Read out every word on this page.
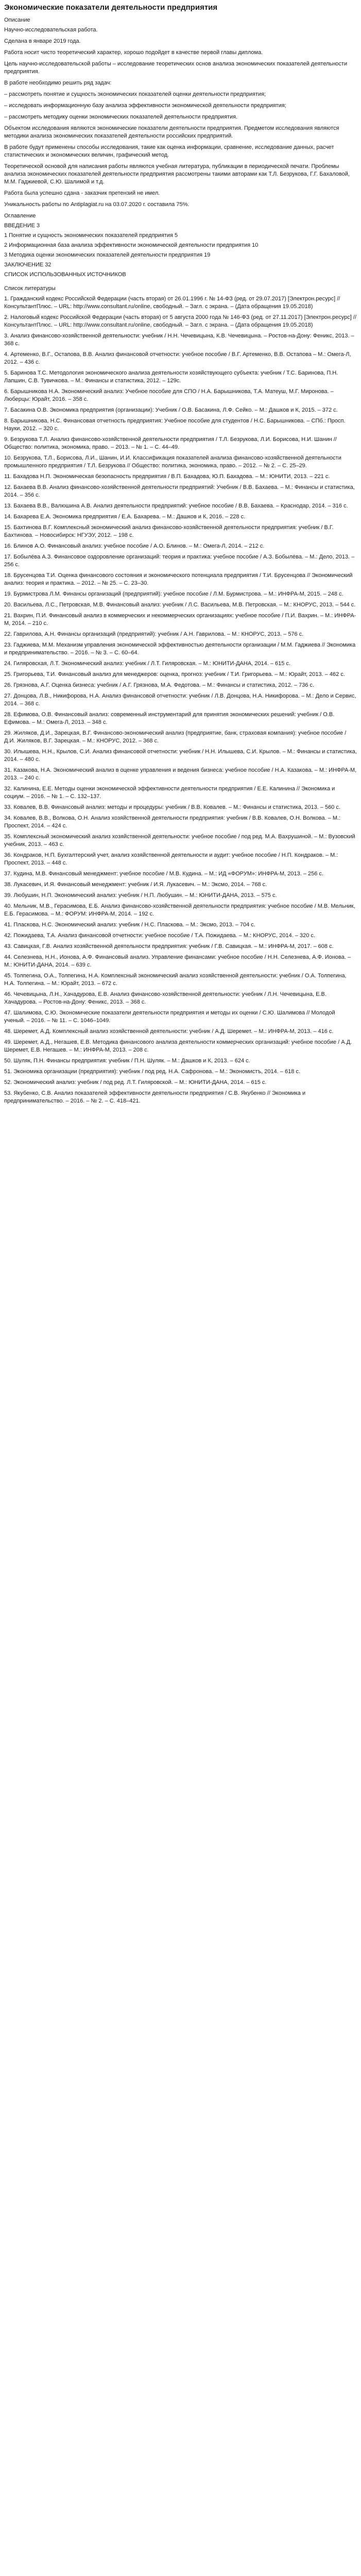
Экономические показатели деятельности предприятия

Описание

Научно-исследовательская работа.

Сделана в январе 2019 года.

Работа носит чисто теоретический характер, хорошо подойдет в качестве первой главы диплома.

Цель научно-исследовательской работы – исследование теоретических основ анализа экономических показателей деятельности предприятия.

В работе необходимо решить ряд задач:

– рассмотреть понятие и сущность экономических показателей оценки деятельности предприятия;

– исследовать информационную базу анализа эффективности экономической деятельности предприятия;

– рассмотреть методику оценки экономических показателей деятельности предприятия.

Объектом исследования являются экономические показатели деятельности предприятия. Предметом исследования являются методики анализа экономических показателей деятельности российских предприятий.

В работе будут применены способы исследования, такие как оценка информации, сравнение, исследование данных, расчет статистических и экономических величин, графический метод.

Теоретической основой для написания работы являются учебная литература, публикации в периодической печати. Проблемы анализа экономических показателей деятельности предприятия рассмотрены такими авторами как Т.Л. Безрукова, Г.Г. Бахаловой, М.М. Гаджиевой, С.Ю. Шалимой и т.д.

Работа была успешно сдана - заказчик претензий не имел.

Уникальность работы по Antiplagiat.ru на 03.07.2020 г. составила 75%.

Оглавление

ВВЕДЕНИЕ 3

1 Понятие и сущность экономических показателей предприятия 5

2 Информационная база анализа эффективности экономической деятельности предприятия 10

3 Методика оценки экономических показателей деятельности предприятия 19

ЗАКЛЮЧЕНИЕ 32

СПИСОК ИСПОЛЬЗОВАННЫХ ИСТОЧНИКОВ

Список литературы

1. Гражданский кодекс Российской Федерации (часть вторая) от 26.01.1996 г. № 14-ФЗ (ред. от 29.07.2017) [Электрон.ресурс] // КонсультантПлюс. – URL: http://www.consultant.ru/online, свободный. – Загл. с экрана. – (Дата обращения 19.05.2018)
2. Налоговый кодекс Российской Федерации (часть вторая) от 5 августа 2000 года № 146-ФЗ (ред. от 27.11.2017) [Электрон.ресурс] // КонсультантПлюс. – URL: http://www.consultant.ru/online, свободный. – Загл. с экрана. – (Дата обращения 19.05.2018)
3. Анализ финансово-хозяйственной деятельности: учебник / Н.Н. Чечевицына, К.В. Чечевицына. – Ростов-на-Дону: Феникс, 2013. – 368 с.
4. Артеменко, В.Г., Остапова, В.В. Анализ финансовой отчетности: учебное пособие / В.Г. Артеменко, В.В. Остапова – М.: Омега-Л, 2012. – 436 с.
5. Баринова Т.С. Методология экономического анализа деятельности хозяйствующего субъекта: учебник / Т.С. Баринова, П.Н. Лапшин, С.В. Тувичкова. – М.: Финансы и статистика, 2012. – 129с.
6. Барышникова Н.А. Экономический анализ: Учебное пособие для СПО / Н.А. Барышникова, Т.А. Матеуш, М.Г. Миронова. – Люберцы: Юрайт, 2016. – 358 c.
7. Басакина О.В. Экономика предприятия (организации): Учебник / О.В. Басакина, Л.Ф. Сейко. – М.: Дашков и К, 2015. – 372 c.
8. Барышникова, Н.С. Финансовая отчетность предприятия: Учебное пособие для студентов / Н.С. Барышникова. – СПб.: Просп. Науки, 2012. – 320 с.
9. Безрукова Т.Л. Анализ финансово-хозяйственной деятельности предприятия / Т.Л. Безрукова, Л.И. Борисова, Н.И. Шанин // Общество: политика, экономика, право. – 2013. – № 1. – С. 44–49.
10. Безрукова, Т.Л., Борисова, Л.И., Шанин, И.И. Классификация показателей анализа финансово-хозяйственной деятельности промышленного предприятия / Т.Л. Безрукова // Общество: политика, экономика, право. – 2012. – № 2. – С. 25–29.
11. Бахадова Н.П. Экономическая безопасность предприятия / В.П. Бахадова, Ю.П. Бахадова. – М.: ЮНИТИ, 2013. – 221 с.
12. Бахаева В.В. Анализ финансово-хозяйственной деятельности предприятий: Учебник / В.В. Бахаева. – М.: Финансы и статистика, 2014. – 356 с.
13. Бахаева В.В., Валюшина А.В. Анализ деятельности предприятий: учебное пособие / В.В. Бахаева. – Краснодар, 2014. – 316 с.
14. Бахарева Е.А. Экономика предприятия / Е.А. Бахарева. – М.: Дашков и К, 2016. – 228 с.
15. Бахтинова В.Г. Комплексный экономический анализ финансово-хозяйственной деятельности предприятия: учебник / В.Г. Бахтинова. – Новосибирск: НГУЭУ, 2012. – 198 с.
16. Блинов А.О. Финансовый анализ: учебное пособие / А.О. Блинов. – М.: Омега-Л, 2014. – 212 с.
17. Бобылёва А.З. Финансовое оздоровление организаций: теория и практика: учебное пособие / А.З. Бобылёва. – М.: Дело, 2013. – 256 с.
18. Брусенцова Т.И. Оценка финансового состояния и экономического потенциала предприятия / Т.И. Брусенцова // Экономический анализ: теория и практика. – 2012. – № 25. – С. 23–30.
19. Бурмистрова Л.М. Финансы организаций (предприятий): учебное пособие / Л.М. Бурмистрова. – М.: ИНФРА-М, 2015. – 248 с.
20. Васильева, Л.С., Петровская, М.В. Финансовый анализ: учебник / Л.С. Васильева, М.В. Петровская. – М.: КНОРУС, 2013. – 544 с.
21. Вахрин, П.И. Финансовый анализ в коммерческих и некоммерческих организациях: учебное пособие / П.И. Вахрин. – М.: ИНФРА-М, 2014. – 210 с.
22. Гаврилова, А.Н. Финансы организаций (предприятий): учебник / А.Н. Гаврилова. – М.: КНОРУС, 2013. – 576 с.
23. Гаджиева, М.М. Механизм управления экономической эффективностью деятельности организации / М.М. Гаджиева // Экономика и предпринимательство. – 2016. – № 3. – С. 60–64.
24. Гиляровская, Л.Т. Экономический анализ: учебник / Л.Т. Гиляровская. – М.: ЮНИТИ-ДАНА, 2014. – 615 с.
25. Григорьева, Т.И. Финансовый анализ для менеджеров: оценка, прогноз: учебник / Т.И. Григорьева. – М.: Юрайт, 2013. – 462 с.
26. Грязнова, А.Г. Оценка бизнеса: учебник / А.Г. Грязнова, М.А. Федотова. – М.: Финансы и статистика, 2012. – 736 с.
27. Донцова, Л.В., Никифорова, Н.А. Анализ финансовой отчетности: учебник / Л.В. Донцова, Н.А. Никифорова. – М.: Дело и Сервис, 2014. – 368 с.
28. Ефимова, О.В. Финансовый анализ: современный инструментарий для принятия экономических решений: учебник / О.В. Ефимова. – М.: Омега-Л, 2013. – 348 с.
29. Жиляков, Д.И., Зарецкая, В.Г. Финансово-экономический анализ (предприятие, банк, страховая компания): учебное пособие / Д.И. Жиляков, В.Г. Зарецкая. – М.: КНОРУС, 2012. – 368 с.
30. Илышева, Н.Н., Крылов, С.И. Анализ финансовой отчетности: учебник / Н.Н. Илышева, С.И. Крылов. – М.: Финансы и статистика, 2014. – 480 с.
31. Казакова, Н.А. Экономический анализ в оценке управления и ведения бизнеса: учебное пособие / Н.А. Казакова. – М.: ИНФРА-М, 2013. – 240 с.
32. Калинина, Е.Е. Методы оценки экономической эффективности деятельности предприятия / Е.Е. Калинина // Экономика и социум. – 2016. – № 1. – С. 132–137.
33. Ковалев, В.В. Финансовый анализ: методы и процедуры: учебник / В.В. Ковалев. – М.: Финансы и статистика, 2013. – 560 с.
34. Ковалев, В.В., Волкова, О.Н. Анализ хозяйственной деятельности предприятия: учебник / В.В. Ковалев, О.Н. Волкова. – М.: Проспект, 2014. – 424 с.
35. Комплексный экономический анализ хозяйственной деятельности: учебное пособие / под ред. М.А. Вахрушиной. – М.: Вузовский учебник, 2013. – 463 с.
36. Кондраков, Н.П. Бухгалтерский учет, анализ хозяйственной деятельности и аудит: учебное пособие / Н.П. Кондраков. – М.: Проспект, 2013. – 448 с.
37. Кудина, М.В. Финансовый менеджмент: учебное пособие / М.В. Кудина. – М.: ИД «ФОРУМ»: ИНФРА-М, 2013. – 256 с.
38. Лукасевич, И.Я. Финансовый менеджмент: учебник / И.Я. Лукасевич. – М.: Эксмо, 2014. – 768 с.
39. Любушин, Н.П. Экономический анализ: учебник / Н.П. Любушин. – М.: ЮНИТИ-ДАНА, 2013. – 575 с.
40. Мельник, М.В., Герасимова, Е.Б. Анализ финансово-хозяйственной деятельности предприятия: учебное пособие / М.В. Мельник, Е.Б. Герасимова. – М.: ФОРУМ: ИНФРА-М, 2014. – 192 с.
41. Пласкова, Н.С. Экономический анализ: учебник / Н.С. Пласкова. – М.: Эксмо, 2013. – 704 с.
42. Пожидаева, Т.А. Анализ финансовой отчетности: учебное пособие / Т.А. Пожидаева. – М.: КНОРУС, 2014. – 320 с.
43. Савицкая, Г.В. Анализ хозяйственной деятельности предприятия: учебник / Г.В. Савицкая. – М.: ИНФРА-М, 2017. – 608 с.
44. Селезнева, Н.Н., Ионова, А.Ф. Финансовый анализ. Управление финансами: учебное пособие / Н.Н. Селезнева, А.Ф. Ионова. – М.: ЮНИТИ-ДАНА, 2014. – 639 с.
45. Толпегина, О.А., Толпегина, Н.А. Комплексный экономический анализ хозяйственной деятельности: учебник / О.А. Толпегина, Н.А. Толпегина. – М.: Юрайт, 2013. – 672 с.
46. Чечевицына, Л.Н., Хачадурова, Е.В. Анализ финансово-хозяйственной деятельности: учебник / Л.Н. Чечевицына, Е.В. Хачадурова. – Ростов-на-Дону: Феникс, 2013. – 368 с.
47. Шалимова, С.Ю. Экономические показатели деятельности предприятия и методы их оценки / С.Ю. Шалимова // Молодой ученый. – 2016. – № 11. – С. 1046–1049.
48. Шеремет, А.Д. Комплексный анализ хозяйственной деятельности: учебник / А.Д. Шеремет. – М.: ИНФРА-М, 2013. – 416 с.
49. Шеремет, А.Д., Негашев, Е.В. Методика финансового анализа деятельности коммерческих организаций: учебное пособие / А.Д. Шеремет, Е.В. Негашев. – М.: ИНФРА-М, 2013. – 208 с.
50. Шуляк, П.Н. Финансы предприятия: учебник / П.Н. Шуляк. – М.: Дашков и К, 2013. – 624 с.
51. Экономика организации (предприятия): учебник / под ред. Н.А. Сафронова. – М.: Экономистъ, 2014. – 618 с.
52. Экономический анализ: учебник / под ред. Л.Т. Гиляровской. – М.: ЮНИТИ-ДАНА, 2014. – 615 с.
53. Якубенко, С.В. Анализ показателей эффективности деятельности предприятия / С.В. Якубенко // Экономика и предпринимательство. – 2016. – № 2. – С. 418–421.
